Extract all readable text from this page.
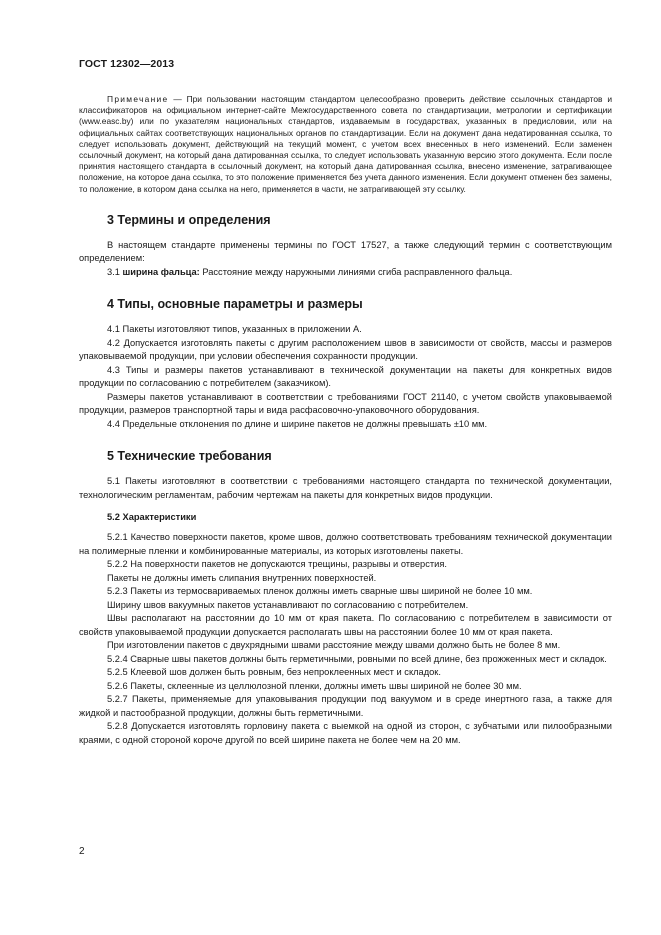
ГОСТ 12302—2013

Примечание — При пользовании настоящим стандартом целесообразно проверить действие ссылочных стандартов и классификаторов на официальном интернет-сайте Межгосударственного совета по стандартизации, метрологии и сертификации (www.easc.by) или по указателям национальных стандартов, издаваемым в государствах, указанных в предисловии, или на официальных сайтах соответствующих национальных органов по стандартизации. Если на документ дана недатированная ссылка, то следует использовать документ, действующий на текущий момент, с учетом всех внесенных в него изменений. Если заменен ссылочный документ, на который дана датированная ссылка, то следует использовать указанную версию этого документа. Если после принятия настоящего стандарта в ссылочный документ, на который дана датированная ссылка, внесено изменение, затрагивающее положение, на которое дана ссылка, то это положение применяется без учета данного изменения. Если документ отменен без замены, то положение, в котором дана ссылка на него, применяется в части, не затрагивающей эту ссылку.

3 Термины и определения

В настоящем стандарте применены термины по ГОСТ 17527, а также следующий термин с соответствующим определением:

3.1 ширина фальца: Расстояние между наружными линиями сгиба расправленного фальца.

4 Типы, основные параметры и размеры

4.1 Пакеты изготовляют типов, указанных в приложении А.

4.2 Допускается изготовлять пакеты с другим расположением швов в зависимости от свойств, массы и размеров упаковываемой продукции, при условии обеспечения сохранности продукции.

4.3 Типы и размеры пакетов устанавливают в технической документации на пакеты для конкретных видов продукции по согласованию с потребителем (заказчиком).

Размеры пакетов устанавливают в соответствии с требованиями ГОСТ 21140, с учетом свойств упаковываемой продукции, размеров транспортной тары и вида расфасовочно-упаковочного оборудования.

4.4 Предельные отклонения по длине и ширине пакетов не должны превышать ±10 мм.

5 Технические требования

5.1 Пакеты изготовляют в соответствии с требованиями настоящего стандарта по технической документации, технологическим регламентам, рабочим чертежам на пакеты для конкретных видов продукции.

5.2 Характеристики

5.2.1 Качество поверхности пакетов, кроме швов, должно соответствовать требованиям технической документации на полимерные пленки и комбинированные материалы, из которых изготовлены пакеты.

5.2.2 На поверхности пакетов не допускаются трещины, разрывы и отверстия.

Пакеты не должны иметь слипания внутренних поверхностей.

5.2.3 Пакеты из термосвариваемых пленок должны иметь сварные швы шириной не более 10 мм.

Ширину швов вакуумных пакетов устанавливают по согласованию с потребителем.

Швы располагают на расстоянии до 10 мм от края пакета. По согласованию с потребителем в зависимости от свойств упаковываемой продукции допускается располагать швы на расстоянии более 10 мм от края пакета.

При изготовлении пакетов с двухрядными швами расстояние между швами должно быть не более 8 мм.

5.2.4 Сварные швы пакетов должны быть герметичными, ровными по всей длине, без прожженных мест и складок.

5.2.5 Клеевой шов должен быть ровным, без непроклеенных мест и складок.

5.2.6 Пакеты, склеенные из целлюлозной пленки, должны иметь швы шириной не более 30 мм.

5.2.7 Пакеты, применяемые для упаковывания продукции под вакуумом и в среде инертного газа, а также для жидкой и пастообразной продукции, должны быть герметичными.

5.2.8 Допускается изготовлять горловину пакета с выемкой на одной из сторон, с зубчатыми или пилообразными краями, с одной стороной короче другой по всей ширине пакета не более чем на 20 мм.

2
